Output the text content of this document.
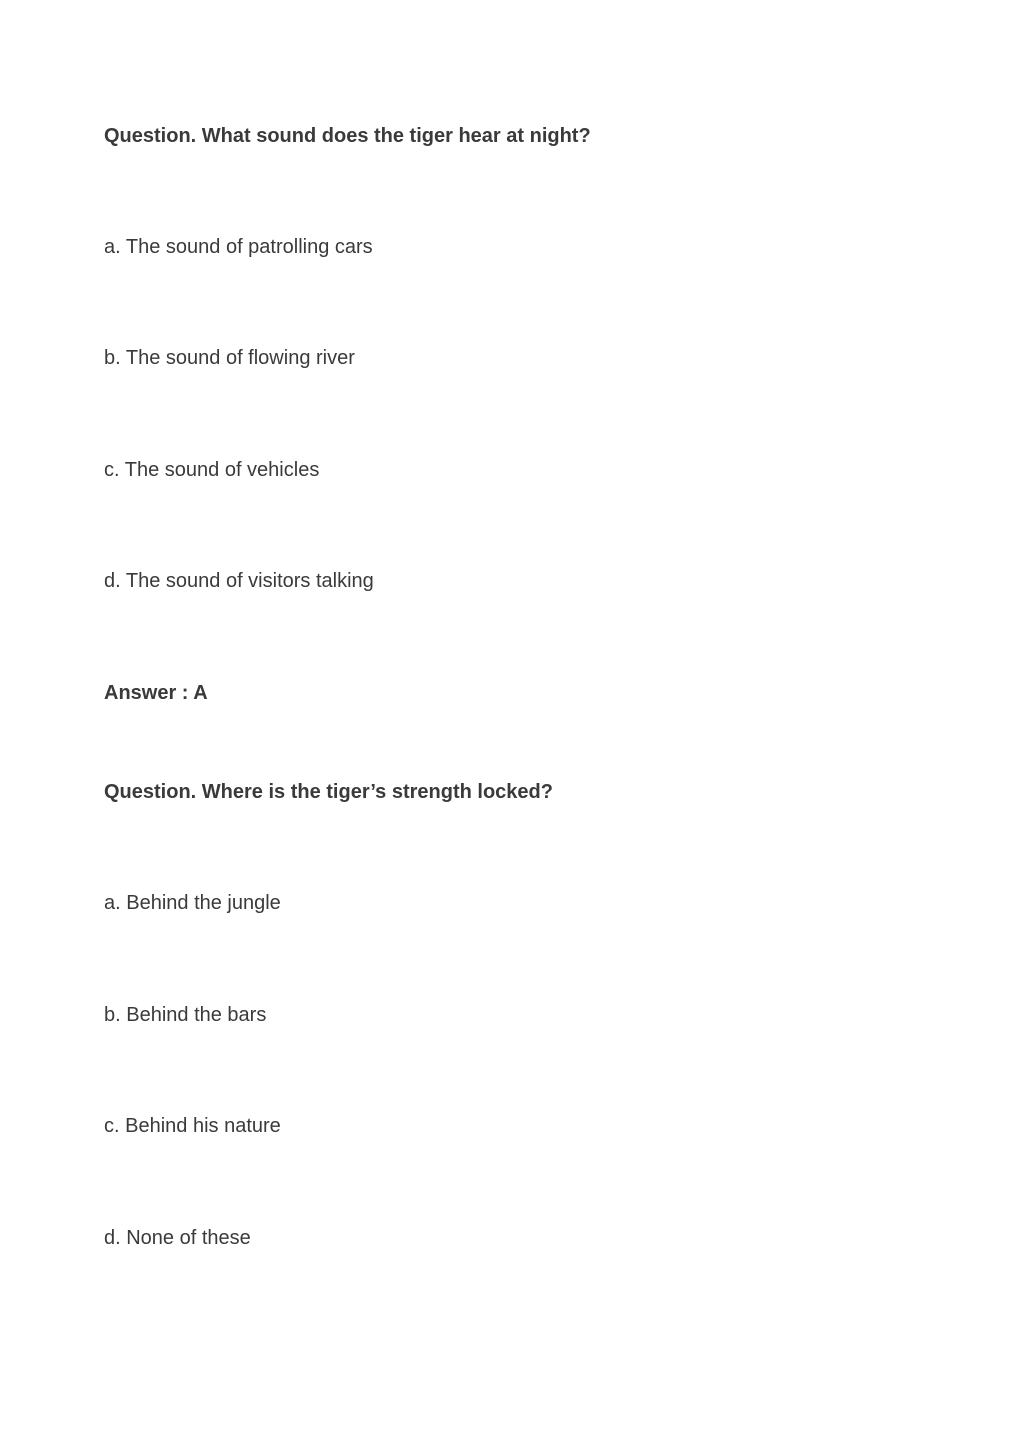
Question. What sound does the tiger hear at night?

a. The sound of patrolling cars

b. The sound of flowing river

c. The sound of vehicles

d. The sound of visitors talking

Answer : A

Question. Where is the tiger’s strength locked?

a. Behind the jungle

b. Behind the bars

c. Behind his nature

d. None of these
